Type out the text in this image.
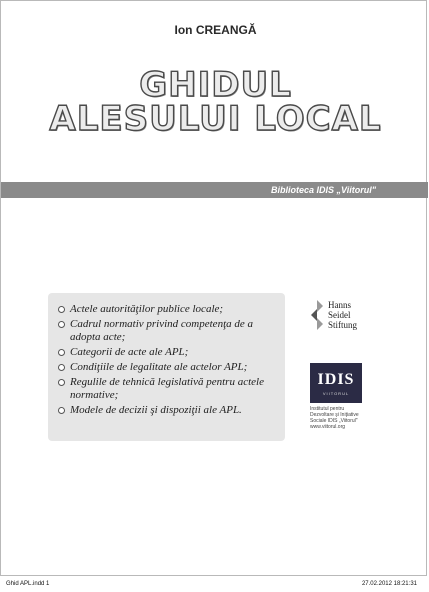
Ion CREANGĂ
GHIDUL
ALESULUI LOCAL
Biblioteca IDIS „Viitorul"
Actele autorităţilor publice locale;
Cadrul normativ privind competenţa de a adopta acte;
Categorii de acte ale APL;
Condiţiile de legalitate ale actelor APL;
Regulile de tehnică legislativă pentru actele normative;
Modele de decizii şi dispoziţii ale APL.
Hanns
Seidel
Stiftung
IDIS
VIITORUL
Institutul pentru
Dezvoltare şi Iniţiative
Sociale IDIS „Viitorul"
www.viitorul.org
Ghid APL.indd 1	27.02.2012 18:21:31
